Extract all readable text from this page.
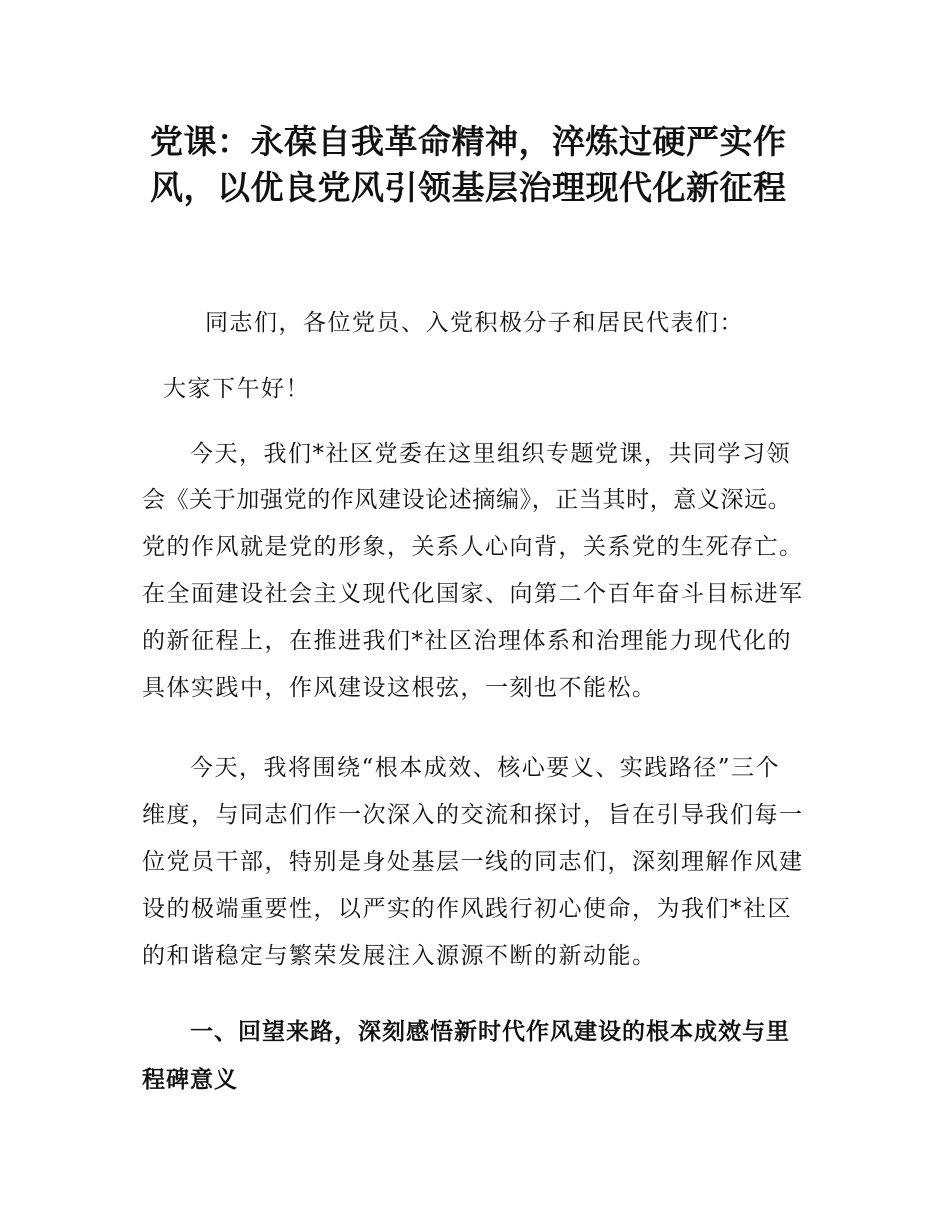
党课：永葆自我革命精神，淬炼过硬严实作
风，以优良党风引领基层治理现代化新征程
同志们，各位党员、入党积极分子和居民代表们：
大家下午好！
今天，我们*社区党委在这里组织专题党课，共同学习领
会《关于加强党的作风建设论述摘编》，正当其时，意义深远。
党的作风就是党的形象，关系人心向背，关系党的生死存亡。
在全面建设社会主义现代化国家、向第二个百年奋斗目标进军
的新征程上，在推进我们*社区治理体系和治理能力现代化的
具体实践中，作风建设这根弦，一刻也不能松。
今天，我将围绕“根本成效、核心要义、实践路径”三个
维度，与同志们作一次深入的交流和探讨，旨在引导我们每一
位党员干部，特别是身处基层一线的同志们，深刻理解作风建
设的极端重要性，以严实的作风践行初心使命，为我们*社区
的和谐稳定与繁荣发展注入源源不断的新动能。
一、回望来路，深刻感悟新时代作风建设的根本成效与里
程碑意义
